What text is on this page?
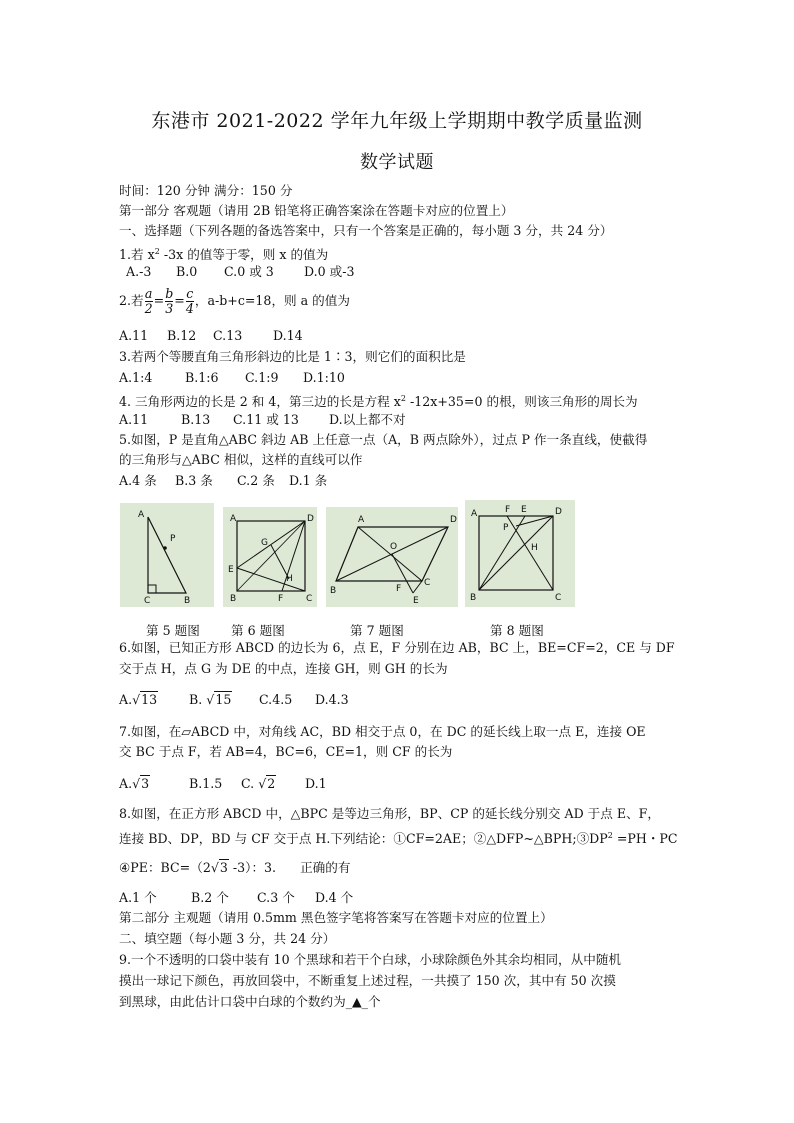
东港市 2021-2022 学年九年级上学期期中教学质量监测
数学试题
时间：120 分钟 满分：150 分
第一部分 客观题（请用 2B 铅笔将正确答案涂在答题卡对应的位置上）
一、选择题（下列各题的备选答案中，只有一个答案是正确的，每小题 3 分，共 24 分）
1.若 $x^2$ -3x 的值等于零，则 x 的值为
A.-3 B.0 C.0 或 3 D.0 或-3
2.若 $\frac{a}{2} = \frac{b}{3} = \frac{c}{4}$ ，a-b+c=18，则 a 的值为
A.11 B.12 C.13 D.14
3.若两个等腰直角三角形斜边的比是 1∶3，则它们的面积比是
A.1:4	B.1:6 C.1:9 D.1:10
4. 三角形两边的长是 2 和 4，第三边的长是方程 $x^2$ -12x+35=0 的根，则该三角形的周长为
A.11	B.13 C.11 或 13 D.以上都不对
5.如图，P 是直角△ABC 斜边 AB 上任意一点（A，B 两点除外），过点 P 作一条直线，使截得
的三角形与△ABC 相似，这样的直线可以作
A.4 条 B.3 条 C.2 条 D.1 条
A
P
C	B
A	D
G
E
H
B	F	C
A	D
O
B	F
C
E
A	F E	D
P
H
B	C
第 5 题图 第 6 题图	第 7 题图	第 8 题图
6.如图，已知正方形 ABCD 的边长为 6，点 E，F 分别在边 AB，BC 上，BE=CF=2，CE 与 DF
交于点 H，点 G 为 DE 的中点，连接 GH，则 GH 的长为
A.√13	B. √15 C.4.5 D.4.3
7.如图，在▱ABCD 中，对角线 AC，BD 相交于点 0，在 DC 的延长线上取一点 E，连接 OE
交 BC 于点 F，若 AB=4，BC=6，CE=1，则 CF 的长为
A.√3	B.1.5 C. √2 D.1
8.如图，在正方形 ABCD 中，△BPC 是等边三角形，BP、CP 的延长线分别交 AD 于点 E、F，
连接 BD、DP，BD 与 CF 交于点 H.下列结论：①CF=2AE；$②\triangle DFP\sim\triangle BPH;③DP^2 =PH$・PC
④PE：BC=（2√3 -3）：3.      正确的有
A.1 个	B.2 个 C.3 个 D.4 个
第二部分 主观题（请用 0.5mm 黑色签字笔将答案写在答题卡对应的位置上）
二、填空题（每小题 3 分，共 24 分）
9.一个不透明的口袋中装有 10 个黑球和若干个白球，小球除颜色外其余均相同，从中随机
摸出一球记下颜色，再放回袋中，不断重复上述过程，一共摸了 150 次，其中有 50 次摸
到黑球，由此估计口袋中白球的个数约为_▲_个
